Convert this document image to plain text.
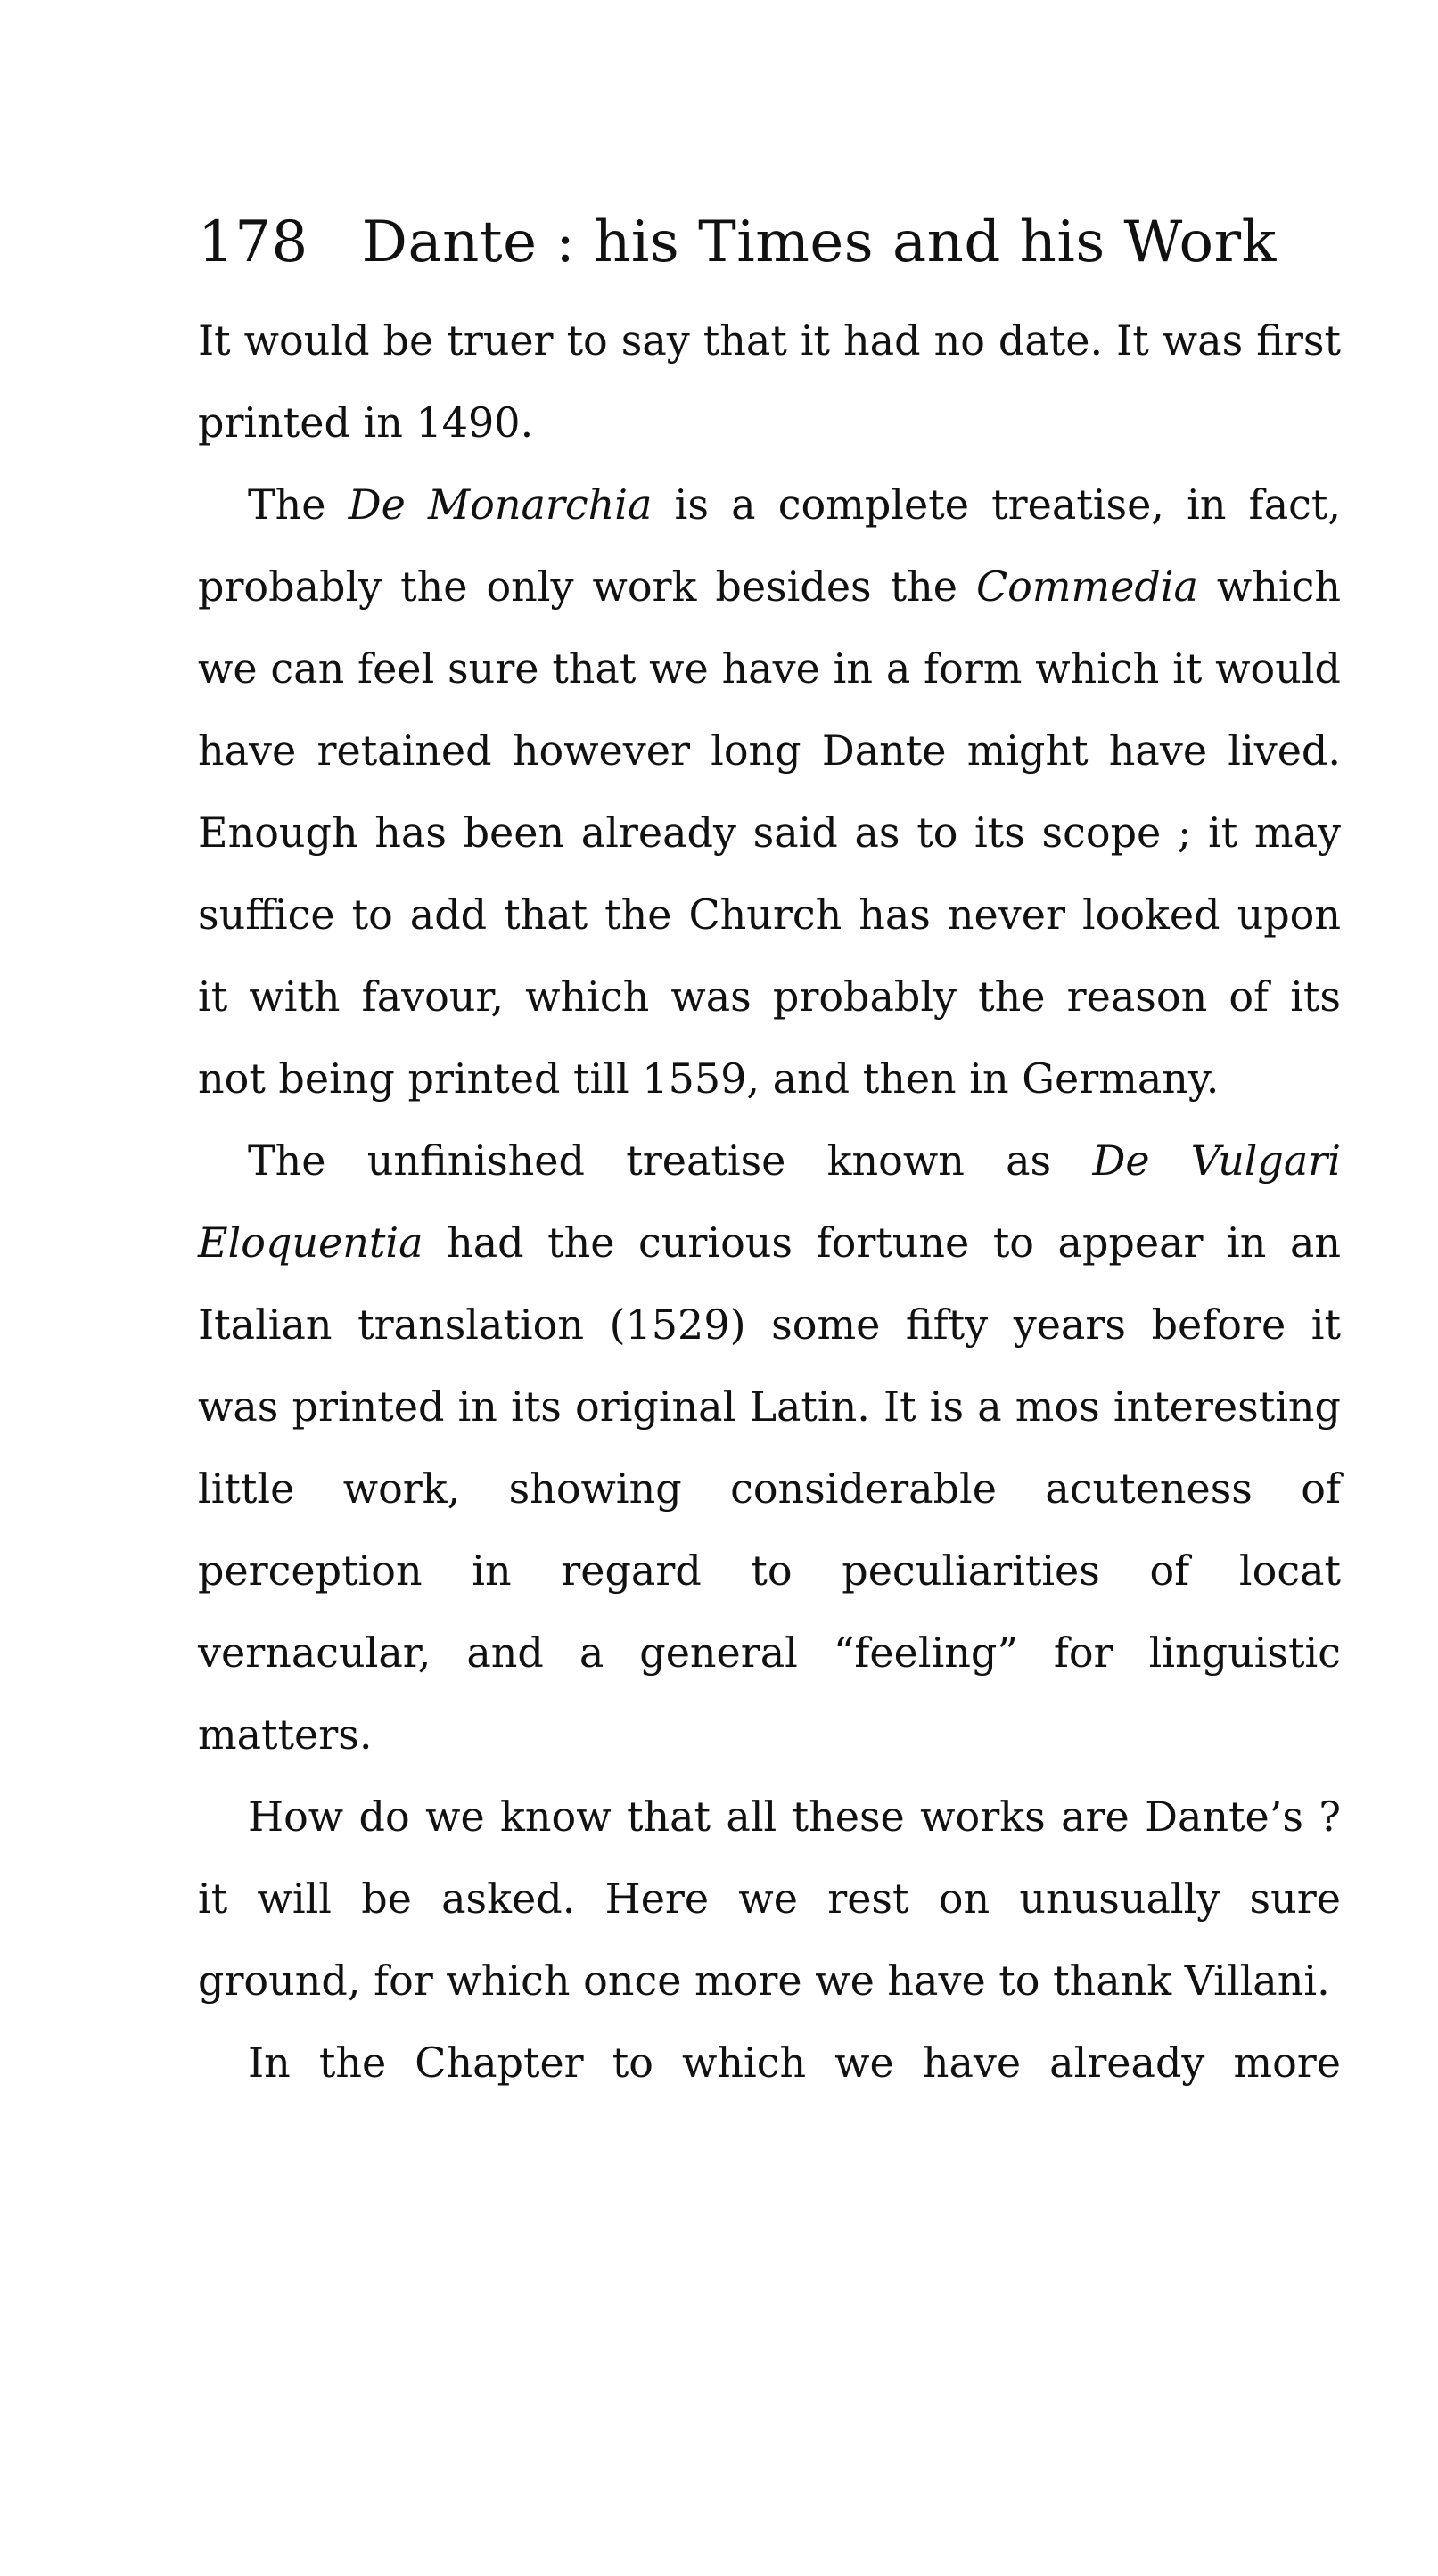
178 Dante : his Times and his Work

It would be truer to say that it had no date. It was first printed in 1490.

The De Monarchia is a complete treatise, in fact, probably the only work besides the Commedia which we can feel sure that we have in a form which it would have retained however long Dante might have lived. Enough has been already said as to its scope ; it may suffice to add that the Church has never looked upon it with favour, which was probably the reason of its not being printed till 1559, and then in Germany.

The unfinished treatise known as De Vulgari Eloquentia had the curious fortune to appear in an Italian translation (1529) some fifty years before it was printed in its original Latin. It is a mos interesting little work, showing considerable acuteness of perception in regard to peculiarities of locat vernacular, and a general “feeling” for linguistic matters.

How do we know that all these works are Dante’s ? it will be asked. Here we rest on unusually sure ground, for which once more we have to thank Villani.

In the Chapter to which we have already more
